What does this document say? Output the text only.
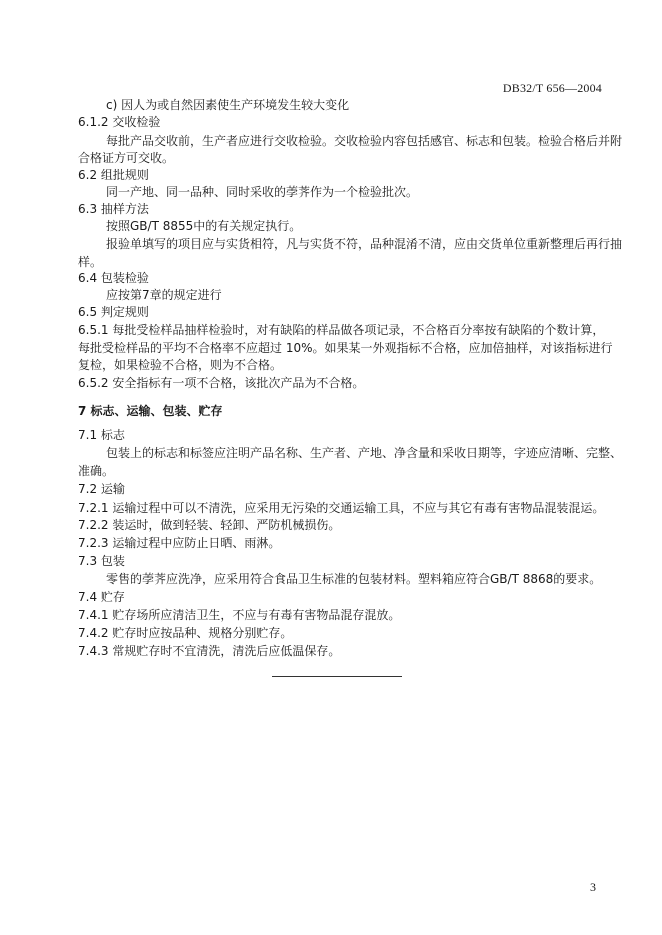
DB32/T 656—2004
c) 因人为或自然因素使生产环境发生较大变化
6.1.2 交收检验
每批产品交收前，生产者应进行交收检验。交收检验内容包括感官、标志和包装。检验合格后并附
合格证方可交收。
6.2 组批规则
同一产地、同一品种、同时采收的荸荠作为一个检验批次。
6.3 抽样方法
按照GB/T 8855中的有关规定执行。
报验单填写的项目应与实货相符，凡与实货不符，品种混淆不清，应由交货单位重新整理后再行抽
样。
6.4 包装检验
应按第7章的规定进行
6.5 判定规则
6.5.1 每批受检样品抽样检验时，对有缺陷的样品做各项记录，不合格百分率按有缺陷的个数计算，
每批受检样品的平均不合格率不应超过 10%。如果某一外观指标不合格，应加倍抽样，对该指标进行
复检，如果检验不合格，则为不合格。
6.5.2 安全指标有一项不合格，该批次产品为不合格。
7 标志、运输、包装、贮存
7.1 标志
包装上的标志和标签应注明产品名称、生产者、产地、净含量和采收日期等，字迹应清晰、完整、
准确。
7.2 运输
7.2.1 运输过程中可以不清洗，应采用无污染的交通运输工具，不应与其它有毒有害物品混装混运。
7.2.2 装运时，做到轻装、轻卸、严防机械损伤。
7.2.3 运输过程中应防止日晒、雨淋。
7.3 包装
零售的荸荠应洗净，应采用符合食品卫生标准的包装材料。塑料箱应符合GB/T 8868的要求。
7.4 贮存
7.4.1 贮存场所应清洁卫生，不应与有毒有害物品混存混放。
7.4.2 贮存时应按品种、规格分别贮存。
7.4.3 常规贮存时不宜清洗，清洗后应低温保存。
3
